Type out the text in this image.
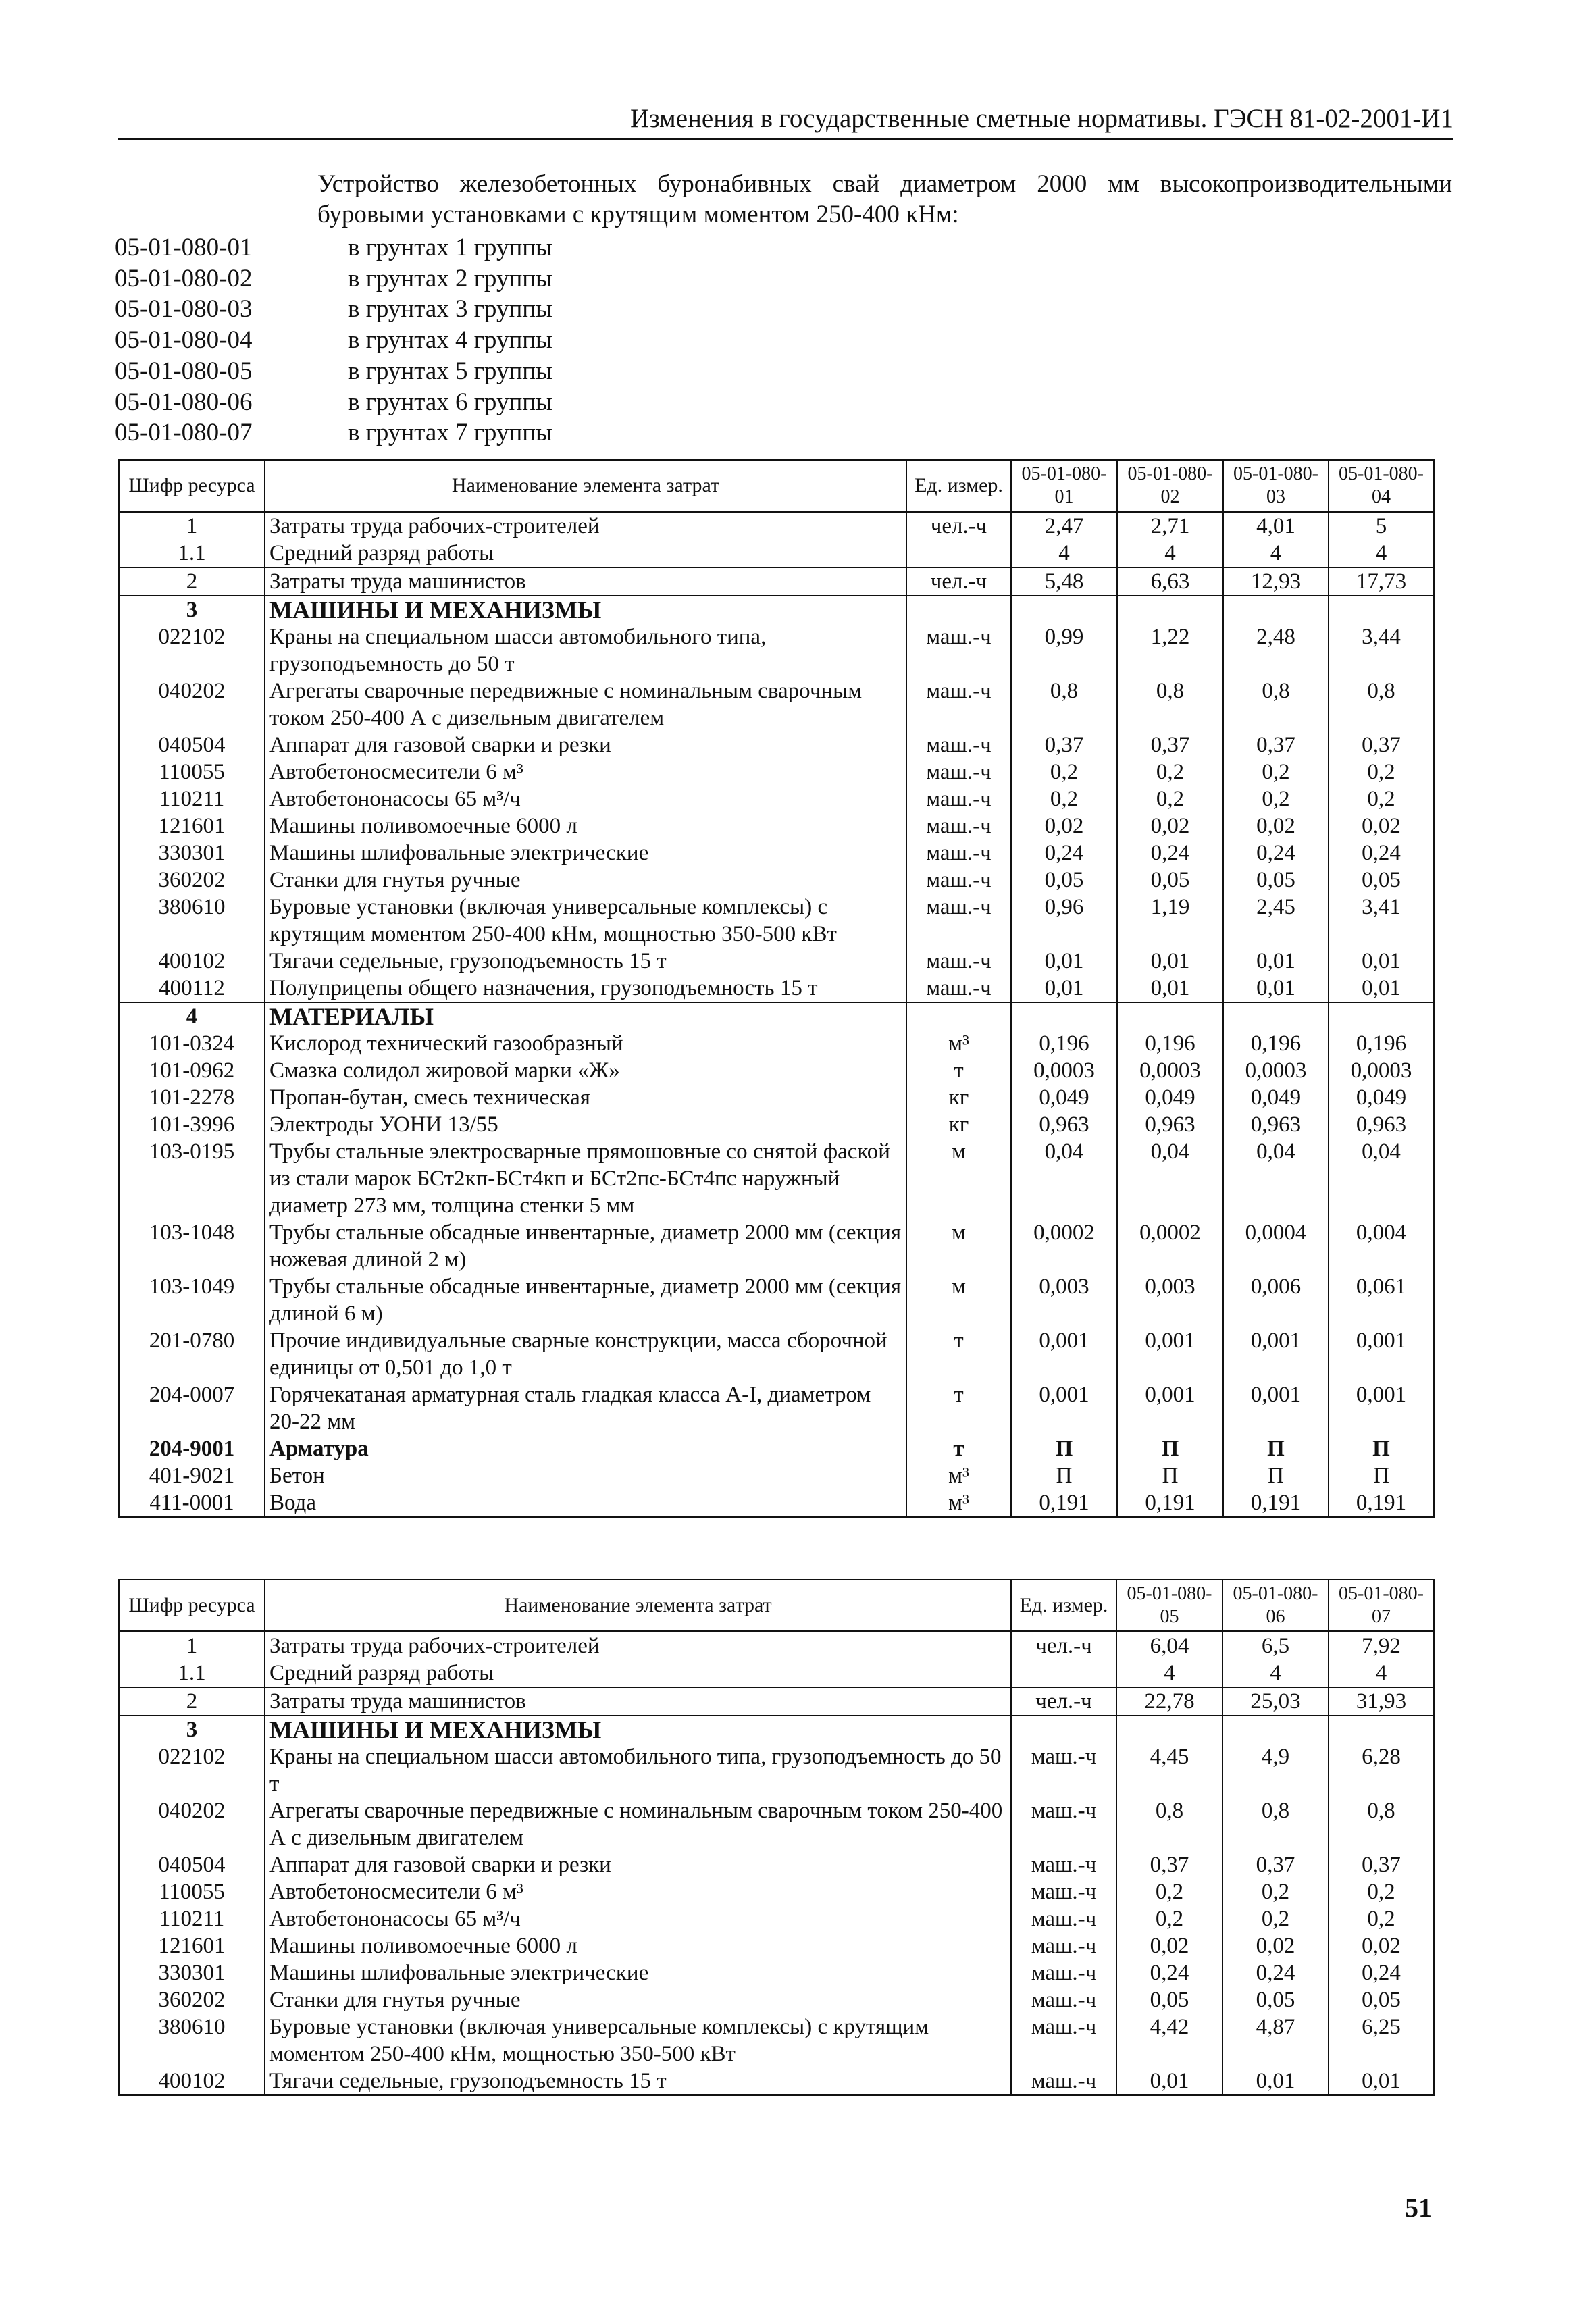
Изменения в государственные сметные нормативы. ГЭСН 81-02-2001-И1
Устройство железобетонных буронабивных свай диаметром 2000 мм высокопроизводительными буровыми установками с крутящим моментом 250-400 кНм:
05-01-080-01	в грунтах 1 группы
05-01-080-02	в грунтах 2 группы
05-01-080-03	в грунтах 3 группы
05-01-080-04	в грунтах 4 группы
05-01-080-05	в грунтах 5 группы
05-01-080-06	в грунтах 6 группы
05-01-080-07	в грунтах 7 группы
Шифр ресурса	Наименование элемента затрат	Ед. измер.	05-01-080-01	05-01-080-02	05-01-080-03	05-01-080-04
1	Затраты труда рабочих-строителей	чел.-ч	2,47	2,71	4,01	5
1.1	Средний разряд работы		4	4	4	4
2	Затраты труда машинистов	чел.-ч	5,48	6,63	12,93	17,73
3	МАШИНЫ И МЕХАНИЗМЫ					
022102	Краны на специальном шасси автомобильного типа, грузоподъемность до 50 т	маш.-ч	0,99	1,22	2,48	3,44
040202	Агрегаты сварочные передвижные с номинальным сварочным током 250-400 А с дизельным двигателем	маш.-ч	0,8	0,8	0,8	0,8
040504	Аппарат для газовой сварки и резки	маш.-ч	0,37	0,37	0,37	0,37
110055	Автобетоносмесители 6 м³	маш.-ч	0,2	0,2	0,2	0,2
110211	Автобетононасосы 65 м³/ч	маш.-ч	0,2	0,2	0,2	0,2
121601	Машины поливомоечные 6000 л	маш.-ч	0,02	0,02	0,02	0,02
330301	Машины шлифовальные электрические	маш.-ч	0,24	0,24	0,24	0,24
360202	Станки для гнутья ручные	маш.-ч	0,05	0,05	0,05	0,05
380610	Буровые установки (включая универсальные комплексы) с крутящим моментом 250-400 кНм, мощностью 350-500 кВт	маш.-ч	0,96	1,19	2,45	3,41
400102	Тягачи седельные, грузоподъемность 15 т	маш.-ч	0,01	0,01	0,01	0,01
400112	Полуприцепы общего назначения, грузоподъемность 15 т	маш.-ч	0,01	0,01	0,01	0,01
4	МАТЕРИАЛЫ					
101-0324	Кислород технический газообразный	м³	0,196	0,196	0,196	0,196
101-0962	Смазка солидол жировой марки «Ж»	т	0,0003	0,0003	0,0003	0,0003
101-2278	Пропан-бутан, смесь техническая	кг	0,049	0,049	0,049	0,049
101-3996	Электроды УОНИ 13/55	кг	0,963	0,963	0,963	0,963
103-0195	Трубы стальные электросварные прямошовные со снятой фаской из стали марок БСт2кп-БСт4кп и БСт2пс-БСт4пс наружный диаметр 273 мм, толщина стенки 5 мм	м	0,04	0,04	0,04	0,04
103-1048	Трубы стальные обсадные инвентарные, диаметр 2000 мм (секция ножевая длиной 2 м)	м	0,0002	0,0002	0,0004	0,004
103-1049	Трубы стальные обсадные инвентарные, диаметр 2000 мм (секция длиной 6 м)	м	0,003	0,003	0,006	0,061
201-0780	Прочие индивидуальные сварные конструкции, масса сборочной единицы от 0,501 до 1,0 т	т	0,001	0,001	0,001	0,001
204-0007	Горячекатаная арматурная сталь гладкая класса А-I, диаметром 20-22 мм	т	0,001	0,001	0,001	0,001
204-9001	Арматура	т	П	П	П	П
401-9021	Бетон	м³	П	П	П	П
411-0001	Вода	м³	0,191	0,191	0,191	0,191
Шифр ресурса	Наименование элемента затрат	Ед. измер.	05-01-080-05	05-01-080-06	05-01-080-07
1	Затраты труда рабочих-строителей	чел.-ч	6,04	6,5	7,92
1.1	Средний разряд работы		4	4	4
2	Затраты труда машинистов	чел.-ч	22,78	25,03	31,93
3	МАШИНЫ И МЕХАНИЗМЫ				
022102	Краны на специальном шасси автомобильного типа, грузоподъемность до 50 т	маш.-ч	4,45	4,9	6,28
040202	Агрегаты сварочные передвижные с номинальным сварочным током 250-400 А с дизельным двигателем	маш.-ч	0,8	0,8	0,8
040504	Аппарат для газовой сварки и резки	маш.-ч	0,37	0,37	0,37
110055	Автобетоносмесители 6 м³	маш.-ч	0,2	0,2	0,2
110211	Автобетононасосы 65 м³/ч	маш.-ч	0,2	0,2	0,2
121601	Машины поливомоечные 6000 л	маш.-ч	0,02	0,02	0,02
330301	Машины шлифовальные электрические	маш.-ч	0,24	0,24	0,24
360202	Станки для гнутья ручные	маш.-ч	0,05	0,05	0,05
380610	Буровые установки (включая универсальные комплексы) с крутящим моментом 250-400 кНм, мощностью 350-500 кВт	маш.-ч	4,42	4,87	6,25
400102	Тягачи седельные, грузоподъемность 15 т	маш.-ч	0,01	0,01	0,01
51
